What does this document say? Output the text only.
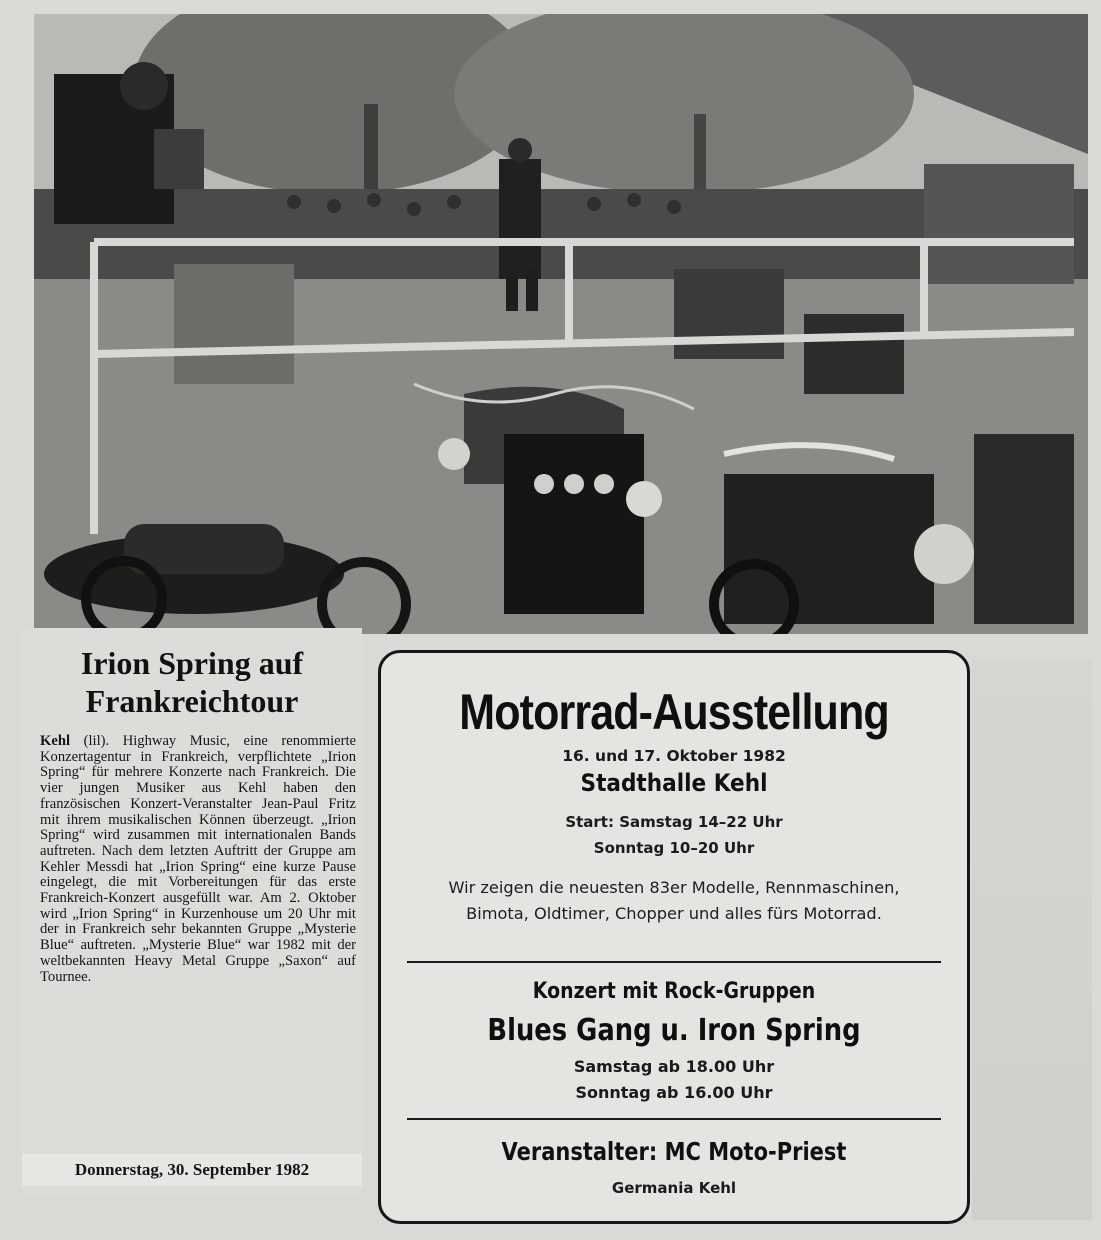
Irion Spring auf
Frankreichtour
Kehl (lil). Highway Music, eine renommierte Konzertagentur in Frankreich, verpflichtete „Irion Spring“ für mehrere Konzerte nach Frankreich. Die vier jungen Musiker aus Kehl haben den französischen Konzert-Veranstalter Jean-Paul Fritz mit ihrem musikalischen Können überzeugt. „Irion Spring“ wird zusammen mit internationalen Bands auftreten. Nach dem letzten Auftritt der Gruppe am Kehler Messdi hat „Irion Spring“ eine kurze Pause eingelegt, die mit Vorbereitungen für das erste Frankreich-Konzert ausgefüllt war. Am 2. Oktober wird „Irion Spring“ in Kurzenhouse um 20 Uhr mit der in Frankreich sehr bekannten Gruppe „Mysterie Blue“ auftreten. „Mysterie Blue“ war 1982 mit der weltbekannten Heavy Metal Gruppe „Saxon“ auf Tournee.
Donnerstag, 30. September 1982
Motorrad-Ausstellung
16. und 17. Oktober 1982
Stadthalle Kehl
Start: Samstag 14–22 Uhr
Sonntag 10–20 Uhr
Wir zeigen die neuesten 83er Modelle, Rennmaschinen, Bimota, Oldtimer, Chopper und alles fürs Motorrad.
Konzert mit Rock-Gruppen
Blues Gang u. Iron Spring
Samstag ab 18.00 Uhr
Sonntag ab 16.00 Uhr
Veranstalter: MC Moto-Priest
Germania Kehl
